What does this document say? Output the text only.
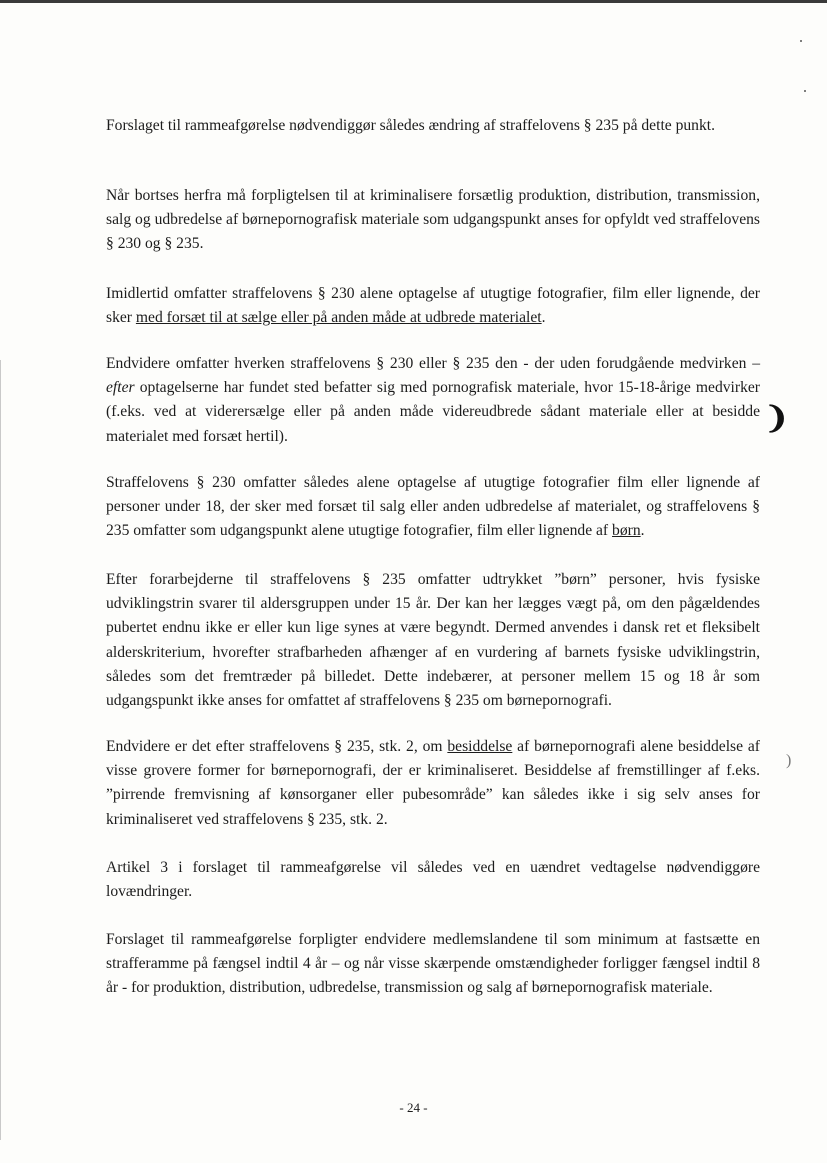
Forslaget til rammeafgørelse nødvendiggør således ændring af straffelovens § 235 på dette punkt.

Når bortses herfra må forpligtelsen til at kriminalisere forsætlig produktion, distribution, transmission, salg og udbredelse af børnepornografisk materiale som udgangspunkt anses for opfyldt ved straffelovens § 230 og § 235.

Imidlertid omfatter straffelovens § 230 alene optagelse af utugtige fotografier, film eller lignende, der sker med forsæt til at sælge eller på anden måde at udbrede materialet.

Endvidere omfatter hverken straffelovens § 230 eller § 235 den - der uden forudgående medvirken – efter optagelserne har fundet sted befatter sig med pornografisk materiale, hvor 15-18-årige medvirker (f.eks. ved at viderersælge eller på anden måde videreudbrede sådant materiale eller at besidde materialet med forsæt hertil).

Straffelovens § 230 omfatter således alene optagelse af utugtige fotografier film eller lignende af personer under 18, der sker med forsæt til salg eller anden udbredelse af materialet, og straffelovens § 235 omfatter som udgangspunkt alene utugtige fotografier, film eller lignende af børn.

Efter forarbejderne til straffelovens § 235 omfatter udtrykket ”børn” personer, hvis fysiske udviklingstrin svarer til aldersgruppen under 15 år. Der kan her lægges vægt på, om den pågældendes pubertet endnu ikke er eller kun lige synes at være begyndt. Dermed anvendes i dansk ret et fleksibelt alderskriterium, hvorefter strafbarheden afhænger af en vurdering af barnets fysiske udviklingstrin, således som det fremtræder på billedet. Dette indebærer, at personer mellem 15 og 18 år som udgangspunkt ikke anses for omfattet af straffelovens § 235 om børnepornografi.

Endvidere er det efter straffelovens § 235, stk. 2, om besiddelse af børnepornografi alene besiddelse af visse grovere former for børnepornografi, der er kriminaliseret. Besiddelse af fremstillinger af f.eks. ”pirrende fremvisning af kønsorganer eller pubesområde” kan således ikke i sig selv anses for kriminaliseret ved straffelovens § 235, stk. 2.

Artikel 3 i forslaget til rammeafgørelse vil således ved en uændret vedtagelse nødvendiggøre lovændringer.

Forslaget til rammeafgørelse forpligter endvidere medlemslandene til som minimum at fastsætte en strafferamme på fængsel indtil 4 år – og når visse skærpende omstændigheder forligger fængsel indtil 8 år - for produktion, distribution, udbredelse, transmission og salg af børnepornografisk materiale.

❩
)
- 24 -
